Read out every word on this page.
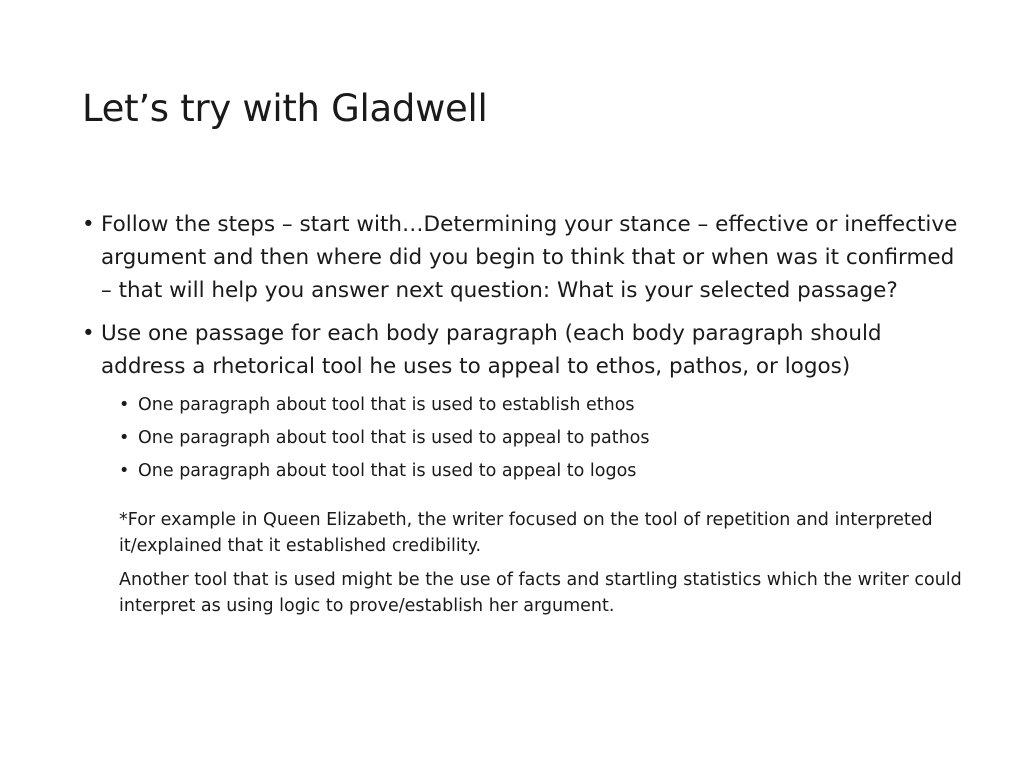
Let’s try with Gladwell
• Follow the steps – start with…Determining your stance – effective or ineffective argument and then where did you begin to think that or when was it confirmed – that will help you answer next question: What is your selected passage?
• Use one passage for each body paragraph (each body paragraph should address a rhetorical tool he uses to appeal to ethos, pathos, or logos)
• One paragraph about tool that is used to establish ethos
• One paragraph about tool that is used to appeal to pathos
• One paragraph about tool that is used to appeal to logos
*For example in Queen Elizabeth, the writer focused on the tool of repetition and interpreted it/explained that it established credibility.
Another tool that is used might be the use of facts and startling statistics which the writer could interpret as using logic to prove/establish her argument.
